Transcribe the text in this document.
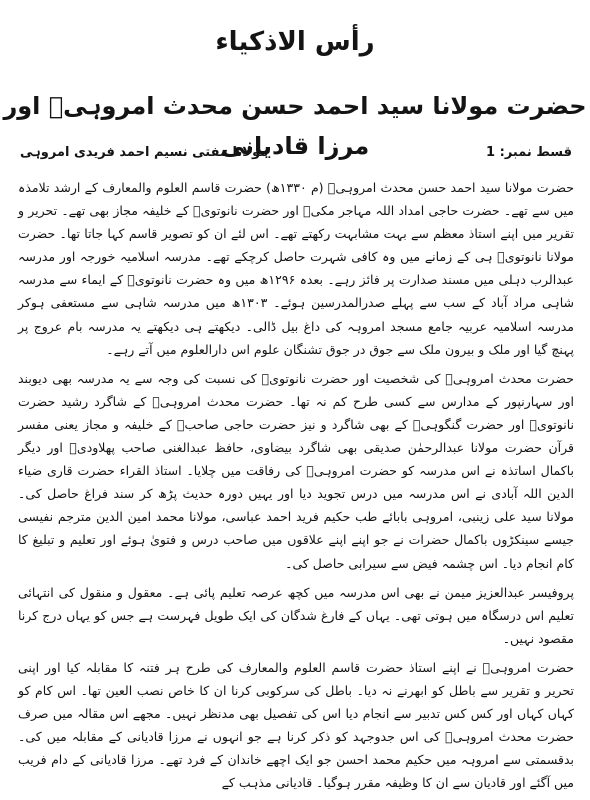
رأس الاذکیاء
حضرت مولانا سید احمد حسن محدث امروہیؒ اور مرزا قادیانی	قسط نمبر: 1
مولانا مفتی نسیم احمد فریدی امروہی

حضرت مولانا سید احمد حسن محدث امروہیؒ (م ۱۳۳۰ھ) حضرت قاسم العلوم والمعارف کے ارشد تلامذہ میں سے تھے۔ حضرت حاجی امداد اللہ مہاجر مکیؒ اور حضرت نانوتویؒ کے خلیفہ مجاز بھی تھے۔ تحریر و تقریر میں اپنے استاذ معظم سے بہت مشابہت رکھتے تھے۔ اس لئے ان کو تصویر قاسم کہا جاتا تھا۔ حضرت مولانا نانوتویؒ ہی کے زمانے میں وہ کافی شہرت حاصل کرچکے تھے۔ مدرسہ اسلامیہ خورجہ اور مدرسہ عبدالرب دہلی میں مسند صدارت پر فائز رہے۔ بعدہ ۱۲۹۶ھ میں وہ حضرت نانوتویؒ کے ایماء سے مدرسہ شاہی مراد آباد کے سب سے پہلے صدرالمدرسین ہوئے۔ ۱۳۰۳ھ میں مدرسہ شاہی سے مستعفی ہوکر مدرسہ اسلامیہ عربیہ جامع مسجد امروہہ کی داغ بیل ڈالی۔ دیکھتے ہی دیکھتے یہ مدرسہ بام عروج پر پہنچ گیا اور ملک و بیرون ملک سے جوق در جوق تشنگان علوم اس دارالعلوم میں آتے رہے۔

حضرت محدث امروہیؒ کی شخصیت اور حضرت نانوتویؒ کی نسبت کی وجہ سے یہ مدرسہ بھی دیوبند اور سہارنپور کے مدارس سے کسی طرح کم نہ تھا۔ حضرت محدث امروہیؒ کے شاگرد رشید حضرت نانوتویؒ اور حضرت گنگوہیؒ کے بھی شاگرد و نیز حضرت حاجی صاحبؒ کے خلیفہ و مجاز یعنی مفسر قرآن حضرت مولانا عبدالرحمٰن صدیقی بھی شاگرد بیضاوی، حافظ عبدالغنی صاحب پھلاودیؒ اور دیگر باکمال اساتذہ نے اس مدرسہ کو حضرت امروہیؒ کی رفاقت میں چلایا۔ استاذ القراء حضرت قاری ضیاء الدین اللہ آبادی نے اس مدرسہ میں درس تجوید دیا اور یہیں دورہ حدیث پڑھ کر سند فراغ حاصل کی۔ مولانا سید علی زینبی، امروہی بابائے طب حکیم فرید احمد عباسی، مولانا محمد امین الدین مترجم نفیسی جیسے سینکڑوں باکمال حضرات نے جو اپنے اپنے علاقوں میں صاحب درس و فتویٰ ہوئے اور تعلیم و تبلیغ کا کام انجام دیا۔ اس چشمہ فیض سے سیرابی حاصل کی۔

پروفیسر عبدالعزیز میمن نے بھی اس مدرسہ میں کچھ عرصہ تعلیم پائی ہے۔ معقول و منقول کی انتہائی تعلیم اس درسگاہ میں ہوتی تھی۔ یہاں کے فارغ شدگان کی ایک طویل فہرست ہے جس کو یہاں درج کرنا مقصود نہیں۔

حضرت امروہیؒ نے اپنے استاذ حضرت قاسم العلوم والمعارف کی طرح ہر فتنہ کا مقابلہ کیا اور اپنی تحریر و تقریر سے باطل کو ابھرنے نہ دیا۔ باطل کی سرکوبی کرنا ان کا خاص نصب العین تھا۔ اس کام کو کہاں کہاں اور کس کس تدبیر سے انجام دیا اس کی تفصیل بھی مدنظر نہیں۔ مجھے اس مقالہ میں صرف حضرت محدث امروہیؒ کی اس جدوجہد کو ذکر کرنا ہے جو انہوں نے مرزا قادیانی کے مقابلہ میں کی۔ بدقسمتی سے امروہہ میں حکیم محمد احسن جو ایک اچھے خاندان کے فرد تھے۔ مرزا قادیانی کے دام فریب میں آگئے اور قادیان سے ان کا وظیفہ مقرر ہوگیا۔ قادیانی مذہب کے
